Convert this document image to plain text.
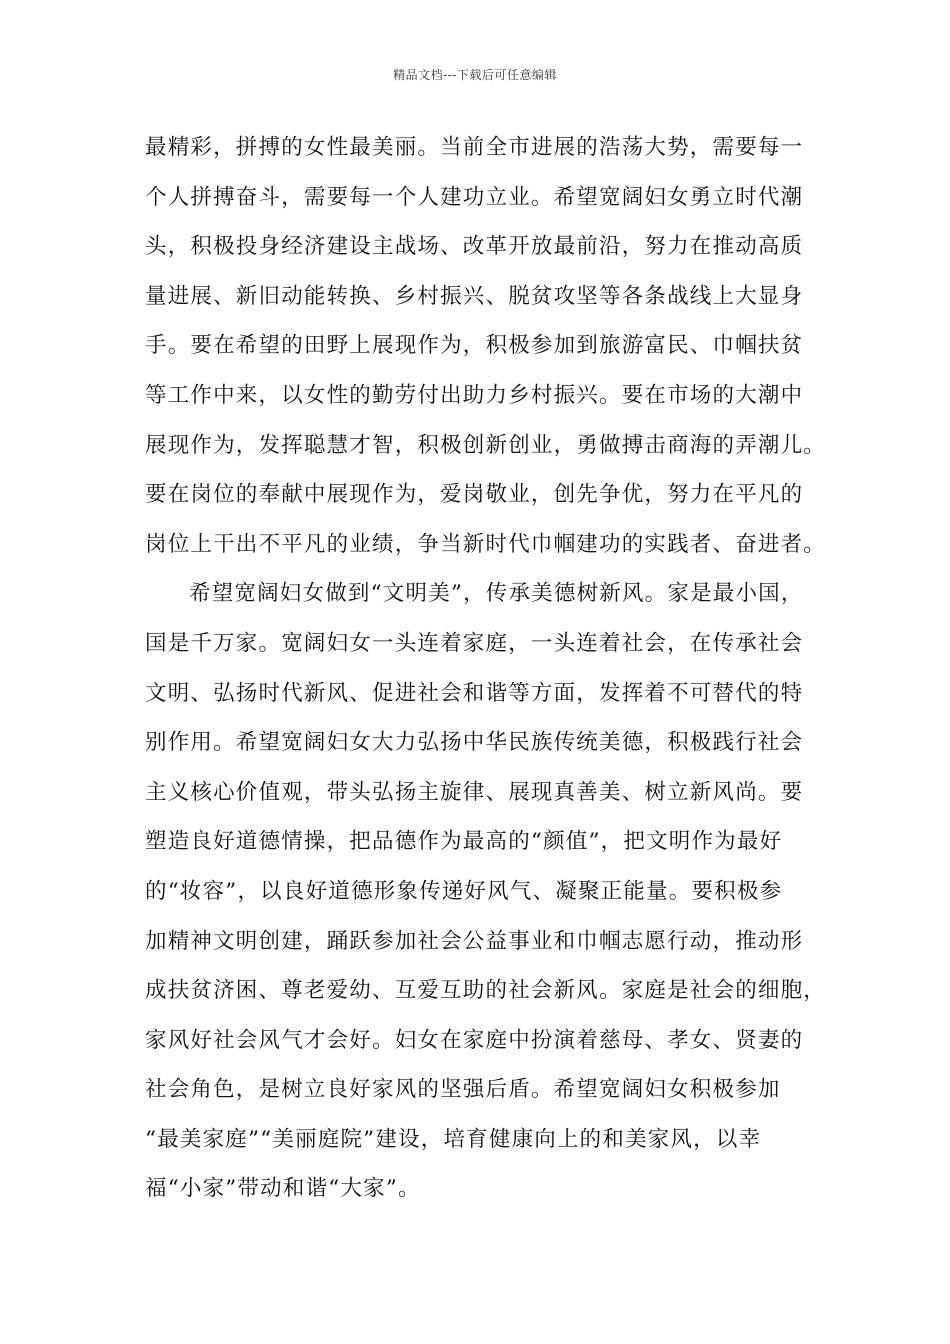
精品文档---下载后可任意编辑
最精彩，拼搏的女性最美丽。当前全市进展的浩荡大势，需要每一
个人拼搏奋斗，需要每一个人建功立业。希望宽阔妇女勇立时代潮
头，积极投身经济建设主战场、改革开放最前沿，努力在推动高质
量进展、新旧动能转换、乡村振兴、脱贫攻坚等各条战线上大显身
手。要在希望的田野上展现作为，积极参加到旅游富民、巾帼扶贫
等工作中来，以女性的勤劳付出助力乡村振兴。要在市场的大潮中
展现作为，发挥聪慧才智，积极创新创业，勇做搏击商海的弄潮儿。
要在岗位的奉献中展现作为，爱岗敬业，创先争优，努力在平凡的
岗位上干出不平凡的业绩，争当新时代巾帼建功的实践者、奋进者。
希望宽阔妇女做到“文明美”，传承美德树新风。家是最小国，
国是千万家。宽阔妇女一头连着家庭，一头连着社会，在传承社会
文明、弘扬时代新风、促进社会和谐等方面，发挥着不可替代的特
别作用。希望宽阔妇女大力弘扬中华民族传统美德，积极践行社会
主义核心价值观，带头弘扬主旋律、展现真善美、树立新风尚。要
塑造良好道德情操，把品德作为最高的“颜值”，把文明作为最好
的“妆容”，以良好道德形象传递好风气、凝聚正能量。要积极参
加精神文明创建，踊跃参加社会公益事业和巾帼志愿行动，推动形
成扶贫济困、尊老爱幼、互爱互助的社会新风。家庭是社会的细胞，
家风好社会风气才会好。妇女在家庭中扮演着慈母、孝女、贤妻的
社会角色，是树立良好家风的坚强后盾。希望宽阔妇女积极参加
“最美家庭”“美丽庭院”建设，培育健康向上的和美家风，以幸
福“小家”带动和谐“大家”。
